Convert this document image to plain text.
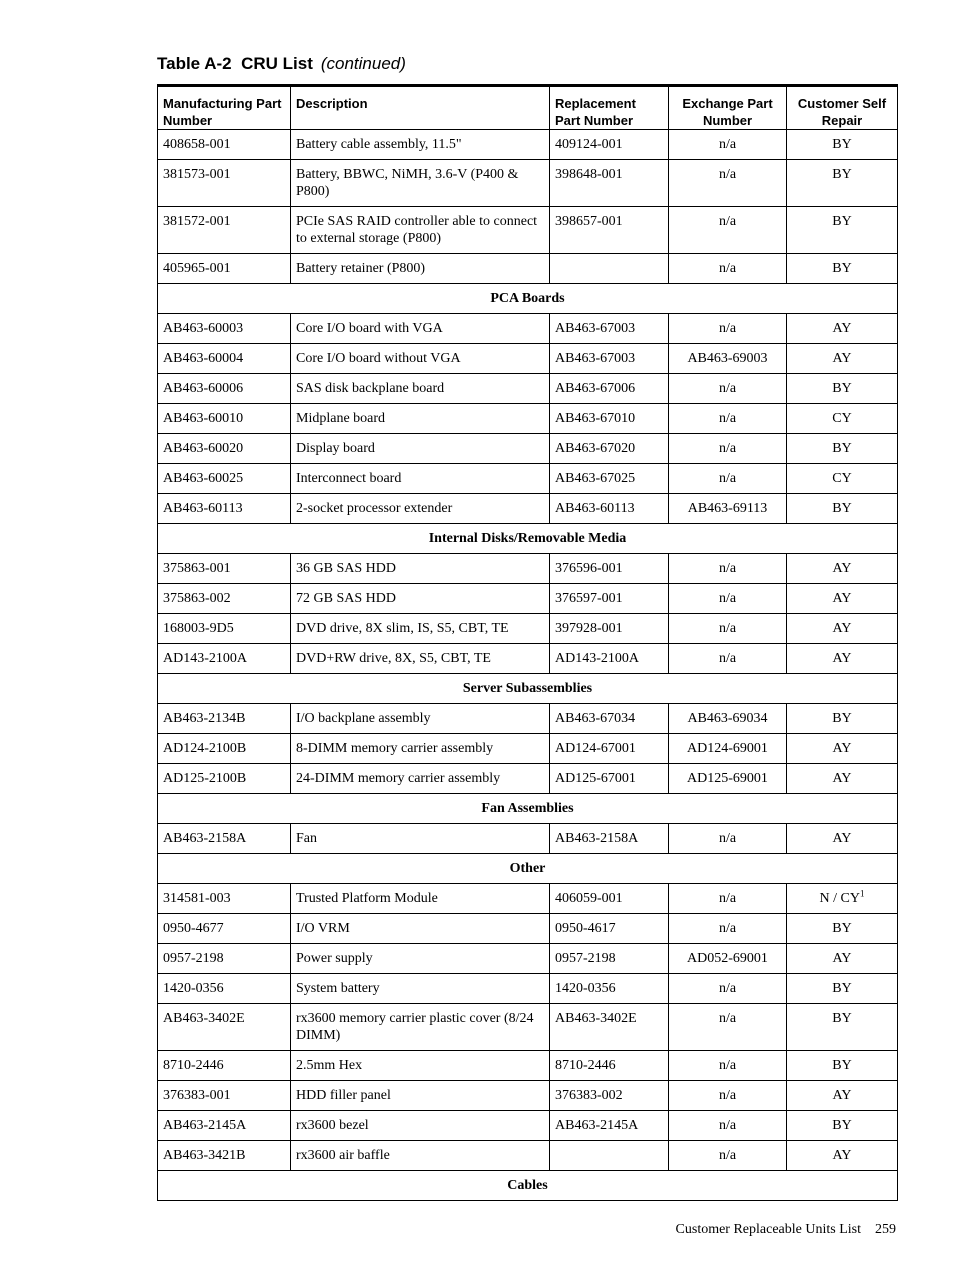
Table A-2 CRU List (continued)
Manufacturing Part Number	Description	Replacement Part Number	Exchange Part Number	Customer Self Repair
408658-001	Battery cable assembly, 11.5"	409124-001	n/a	BY
381573-001	Battery, BBWC, NiMH, 3.6-V (P400 & P800)	398648-001	n/a	BY
381572-001	PCIe SAS RAID controller able to connect to external storage (P800)	398657-001	n/a	BY
405965-001	Battery retainer (P800)		n/a	BY
PCA Boards				
AB463-60003	Core I/O board with VGA	AB463-67003	n/a	AY
AB463-60004	Core I/O board without VGA	AB463-67003	AB463-69003	AY
AB463-60006	SAS disk backplane board	AB463-67006	n/a	BY
AB463-60010	Midplane board	AB463-67010	n/a	CY
AB463-60020	Display board	AB463-67020	n/a	BY
AB463-60025	Interconnect board	AB463-67025	n/a	CY
AB463-60113	2-socket processor extender	AB463-60113	AB463-69113	BY
Internal Disks/Removable Media				
375863-001	36 GB SAS HDD	376596-001	n/a	AY
375863-002	72 GB SAS HDD	376597-001	n/a	AY
168003-9D5	DVD drive, 8X slim, IS, S5, CBT, TE	397928-001	n/a	AY
AD143-2100A	DVD+RW drive, 8X, S5, CBT, TE	AD143-2100A	n/a	AY
Server Subassemblies				
AB463-2134B	I/O backplane assembly	AB463-67034	AB463-69034	BY
AD124-2100B	8-DIMM memory carrier assembly	AD124-67001	AD124-69001	AY
AD125-2100B	24-DIMM memory carrier assembly	AD125-67001	AD125-69001	AY
Fan Assemblies				
AB463-2158A	Fan	AB463-2158A	n/a	AY
Other				
314581-003	Trusted Platform Module	406059-001	n/a	N / $CY^1$
0950-4677	I/O VRM	0950-4617	n/a	BY
0957-2198	Power supply	0957-2198	AD052-69001	AY
1420-0356	System battery	1420-0356	n/a	BY
AB463-3402E	rx3600 memory carrier plastic cover (8/24 DIMM)	AB463-3402E	n/a	BY
8710-2446	2.5mm Hex	8710-2446	n/a	BY
376383-001	HDD filler panel	376383-002	n/a	AY
AB463-2145A	rx3600 bezel	AB463-2145A	n/a	BY
AB463-3421B	rx3600 air baffle		n/a	AY
Cables				
Customer Replaceable Units List 259
